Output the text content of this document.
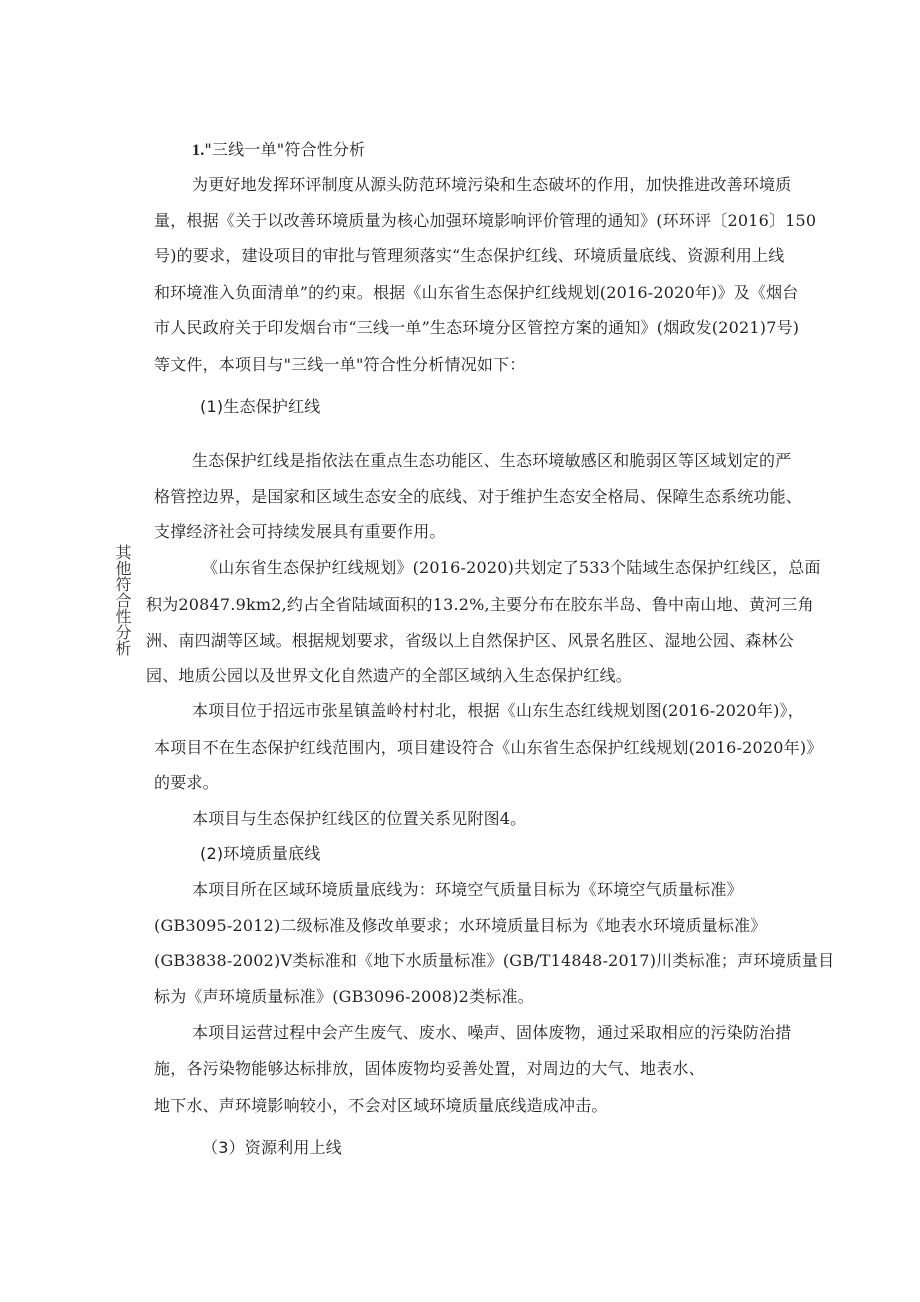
其他符合性分析
1."三线一单"符合性分析
为更好地发挥环评制度从源头防范环境污染和生态破坏的作用，加快推进改善环境质
量，根据《关于以改善环境质量为核心加强环境影响评价管理的通知》(环环评〔2016〕150
号)的要求，建设项目的审批与管理须落实“生态保护红线、环境质量底线、资源利用上线
和环境准入负面清单”的约束。根据《山东省生态保护红线规划(2016-2020年)》及《烟台
市人民政府关于印发烟台市“三线一单”生态环境分区管控方案的通知》(烟政发(2021)7号)
等文件，本项目与"三线一单"符合性分析情况如下：
(1)生态保护红线
生态保护红线是指依法在重点生态功能区、生态环境敏感区和脆弱区等区域划定的严
格管控边界，是国家和区域生态安全的底线、对于维护生态安全格局、保障生态系统功能、
支撑经济社会可持续发展具有重要作用。
《山东省生态保护红线规划》(2016-2020)共划定了533个陆域生态保护红线区，总面
积为20847.9km2,约占全省陆域面积的13.2%,主要分布在胶东半岛、鲁中南山地、黄河三角
洲、南四湖等区域。根据规划要求，省级以上自然保护区、风景名胜区、湿地公园、森林公
园、地质公园以及世界文化自然遗产的全部区域纳入生态保护红线。
本项目位于招远市张星镇盖岭村村北，根据《山东生态红线规划图(2016-2020年)》，
本项目不在生态保护红线范围内，项目建设符合《山东省生态保护红线规划(2016-2020年)》
的要求。
本项目与生态保护红线区的位置关系见附图4。
(2)环境质量底线
本项目所在区域环境质量底线为：环境空气质量目标为《环境空气质量标准》
(GB3095-2012)二级标准及修改单要求；水环境质量目标为《地表水环境质量标准》
(GB3838-2002)V类标准和《地下水质量标准》(GB/T14848-2017)川类标准；声环境质量目
标为《声环境质量标准》(GB3096-2008)2类标准。
本项目运营过程中会产生废气、废水、噪声、固体废物，通过采取相应的污染防治措
施，各污染物能够达标排放，固体废物均妥善处置，对周边的大气、地表水、
地下水、声环境影响较小，不会对区域环境质量底线造成冲击。
（3）资源利用上线
